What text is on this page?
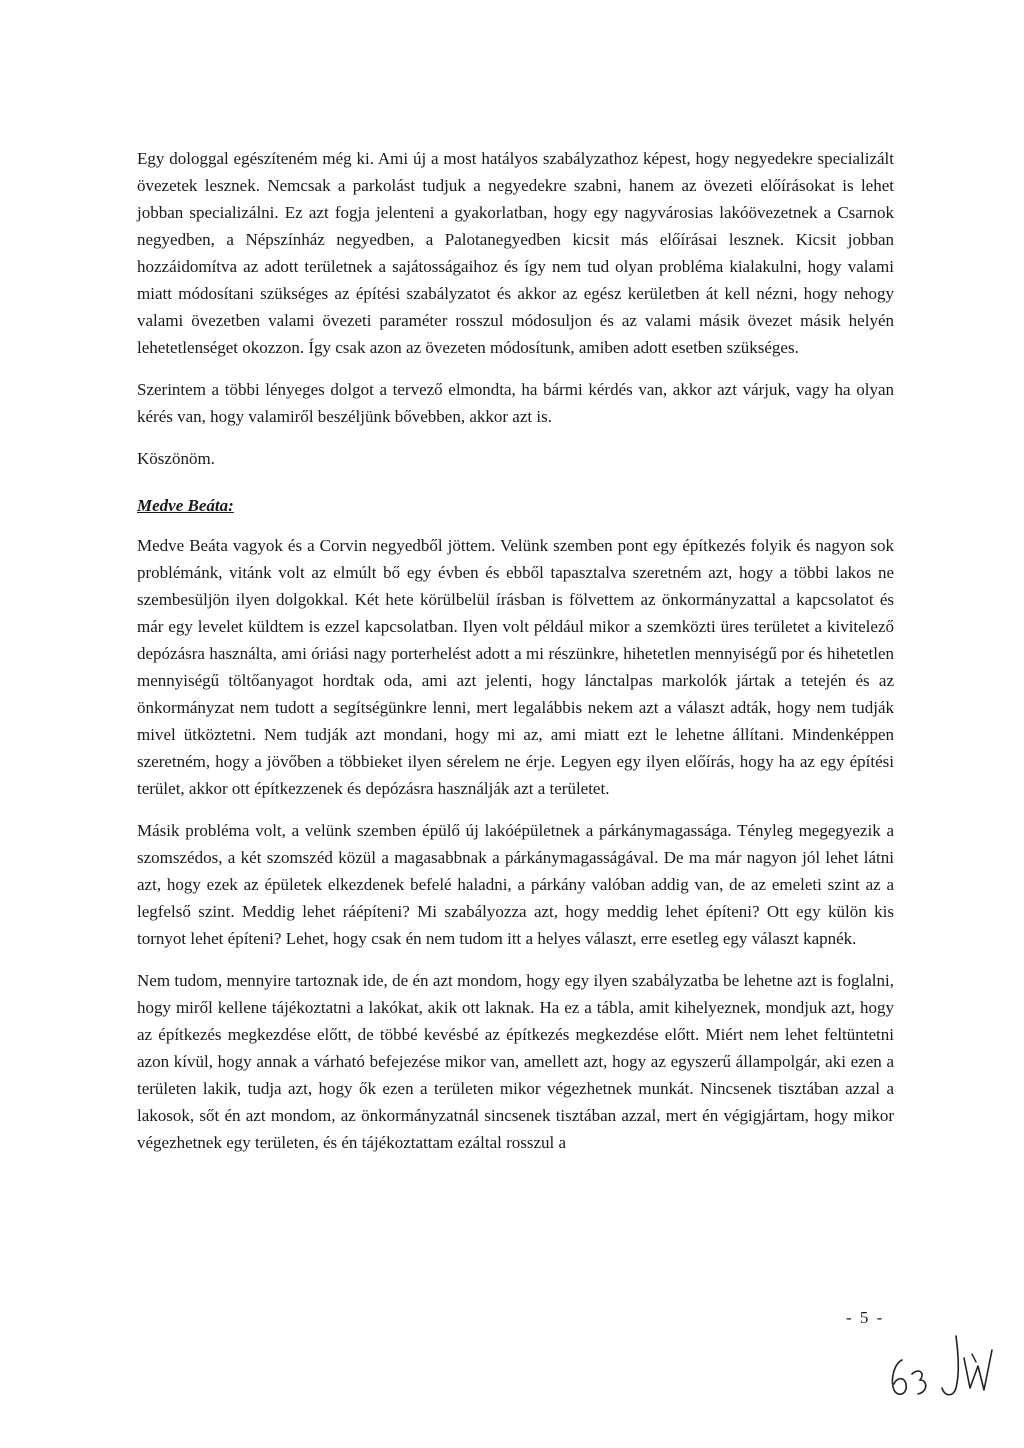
Egy dologgal egészíteném még ki. Ami új a most hatályos szabályzathoz képest, hogy negyedekre specializált övezetek lesznek. Nemcsak a parkolást tudjuk a negyedekre szabni, hanem az övezeti előírásokat is lehet jobban specializálni. Ez azt fogja jelenteni a gyakorlatban, hogy egy nagyvárosias lakóövezetnek a Csarnok negyedben, a Népszínház negyedben, a Palotanegyedben kicsit más előírásai lesznek. Kicsit jobban hozzáidomítva az adott területnek a sajátosságaihoz és így nem tud olyan probléma kialakulni, hogy valami miatt módosítani szükséges az építési szabályzatot és akkor az egész kerületben át kell nézni, hogy nehogy valami övezetben valami övezeti paraméter rosszul módosuljon és az valami másik övezet másik helyén lehetetlenséget okozzon. Így csak azon az övezeten módosítunk, amiben adott esetben szükséges.

Szerintem a többi lényeges dolgot a tervező elmondta, ha bármi kérdés van, akkor azt várjuk, vagy ha olyan kérés van, hogy valamiről beszéljünk bővebben, akkor azt is.

Köszönöm.

Medve Beáta:

Medve Beáta vagyok és a Corvin negyedből jöttem. Velünk szemben pont egy építkezés folyik és nagyon sok problémánk, vitánk volt az elmúlt bő egy évben és ebből tapasztalva szeretném azt, hogy a többi lakos ne szembesüljön ilyen dolgokkal. Két hete körülbelül írásban is fölvettem az önkormányzattal a kapcsolatot és már egy levelet küldtem is ezzel kapcsolatban. Ilyen volt például mikor a szemközti üres területet a kivitelező depózásra használta, ami óriási nagy porterhelést adott a mi részünkre, hihetetlen mennyiségű por és hihetetlen mennyiségű töltőanyagot hordtak oda, ami azt jelenti, hogy lánctalpas markolók jártak a tetején és az önkormányzat nem tudott a segítségünkre lenni, mert legalábbis nekem azt a választ adták, hogy nem tudják mivel ütköztetni. Nem tudják azt mondani, hogy mi az, ami miatt ezt le lehetne állítani. Mindenképpen szeretném, hogy a jövőben a többieket ilyen sérelem ne érje. Legyen egy ilyen előírás, hogy ha az egy építési terület, akkor ott építkezzenek és depózásra használják azt a területet.

Másik probléma volt, a velünk szemben épülő új lakóépületnek a párkánymagassága. Tényleg megegyezik a szomszédos, a két szomszéd közül a magasabbnak a párkánymagasságával. De ma már nagyon jól lehet látni azt, hogy ezek az épületek elkezdenek befelé haladni, a párkány valóban addig van, de az emeleti szint az a legfelső szint. Meddig lehet ráépíteni? Mi szabályozza azt, hogy meddig lehet építeni? Ott egy külön kis tornyot lehet építeni? Lehet, hogy csak én nem tudom itt a helyes választ, erre esetleg egy választ kapnék.

Nem tudom, mennyire tartoznak ide, de én azt mondom, hogy egy ilyen szabályzatba be lehetne azt is foglalni, hogy miről kellene tájékoztatni a lakókat, akik ott laknak. Ha ez a tábla, amit kihelyeznek, mondjuk azt, hogy az építkezés megkezdése előtt, de többé kevésbé az építkezés megkezdése előtt. Miért nem lehet feltüntetni azon kívül, hogy annak a várható befejezése mikor van, amellett azt, hogy az egyszerű állampolgár, aki ezen a területen lakik, tudja azt, hogy ők ezen a területen mikor végezhetnek munkát. Nincsenek tisztában azzal a lakosok, sőt én azt mondom, az önkormányzatnál sincsenek tisztában azzal, mert én végigjártam, hogy mikor végezhetnek egy területen, és én tájékoztattam ezáltal rosszul a

- 5 -
